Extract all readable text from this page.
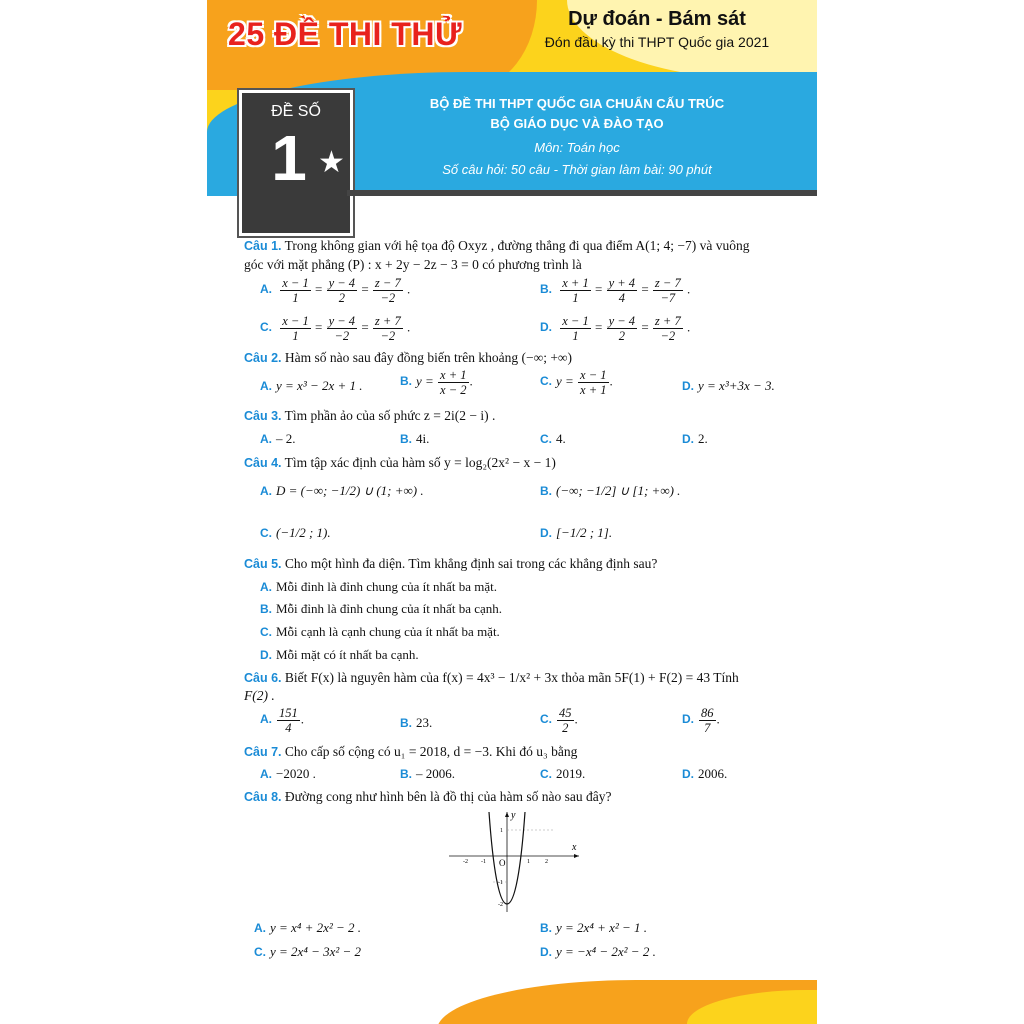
25 ĐỀ THI THỬ	Dự đoán - Bám sát
Đón đầu kỳ thi THPT Quốc gia 2021
ĐỀ SỐ
1 ★
BỘ ĐỀ THI THPT QUỐC GIA CHUẨN CẤU TRÚC
BỘ GIÁO DỤC VÀ ĐÀO TẠO
Môn: Toán học
Số câu hỏi: 50 câu - Thời gian làm bài: 90 phút
Câu 1. Trong không gian với hệ tọa độ Oxyz , đường thẳng đi qua điểm A(1; 4; −7) và vuông
góc với mặt phẳng (P) : x + 2y − 2z − 3 = 0 có phương trình là
A. $\frac{x - 1}{1} = \frac{y - 4}{2} = \frac{z - 7}{-2}$ .	B. $\frac{x + 1}{1} = \frac{y + 4}{4} = \frac{z - 7}{-7}$ .
C. $\frac{x - 1}{1} = \frac{y - 4}{-2} = \frac{z + 7}{-2}$ .	D. $\frac{x - 1}{1} = \frac{y - 4}{2} = \frac{z + 7}{-2}$ .
Câu 2. Hàm số nào sau đây đồng biến trên khoảng (−∞; +∞)
A. y = x³ − 2x + 1 .	B. $y = \frac{x + 1}{x - 2}$ .	C. $y = \frac{x - 1}{x + 1}$ .	D. y = x³+3x − 3.
Câu 3. Tìm phần ảo của số phức z = 2i(2 − i) .
A. – 2.	B. 4i.	C. 4.	D. 2.
Câu 4. Tìm tập xác định của hàm số y = log₂(2x² − x − 1)
A. D = (−∞; −1/2) ∪ (1; +∞) .	B. (−∞; −1/2] ∪ [1; +∞) .
C. (−1/2 ; 1).	D. [−1/2 ; 1].
Câu 5. Cho một hình đa diện. Tìm khẳng định sai trong các khẳng định sau?
A. Mỗi đỉnh là đỉnh chung của ít nhất ba mặt.
B. Mỗi đỉnh là đỉnh chung của ít nhất ba cạnh.
C. Mỗi cạnh là cạnh chung của ít nhất ba mặt.
D. Mỗi mặt có ít nhất ba cạnh.
Câu 6. Biết F(x) là nguyên hàm của f(x) = 4x³ − 1/x² + 3x thỏa mãn 5F(1) + F(2) = 43 Tính
F(2) .
A. $\frac{151}{4}$ .	B. 23.	C. $\frac{45}{2}$ .	D. $\frac{86}{7}$ .
Câu 7. Cho cấp số cộng có u₁ = 2018, d = −3. Khi đó u₃ bằng
A. −2020 .	B. – 2006.	C. 2019.	D. 2006.
Câu 8. Đường cong như hình bên là đồ thị của hàm số nào sau đây?
x
y
O
-2 -1	1	2
1
-1
-2
A. y = x⁴ + 2x² − 2 .	B. y = 2x⁴ + x² − 1 .
C. y = 2x⁴ − 3x² − 2	D. y = −x⁴ − 2x² − 2 .
